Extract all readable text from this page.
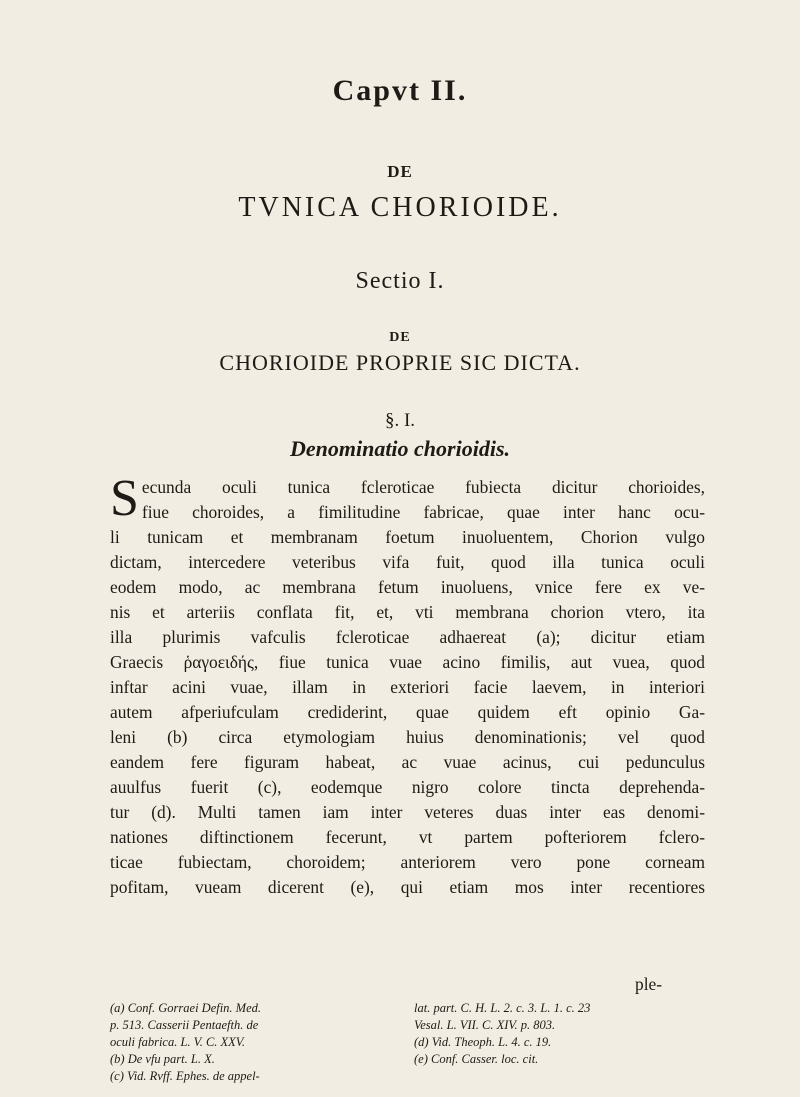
Capvt II.
DE
TVNICA CHORIOIDE.
Sectio I.
DE
CHORIOIDE PROPRIE SIC DICTA.
§. I.
Denominatio chorioidis.
S ecunda oculi tunica fcleroticae fubiecta dicitur chorioides,
fiue choroides, a fimilitudine fabricae, quae inter hanc ocu-
li tunicam et membranam foetum inuoluentem, Chorion vulgo
dictam, intercedere veteribus vifa fuit, quod illa tunica oculi
eodem modo, ac membrana fetum inuoluens, vnice fere ex ve-
nis et arteriis conflata fit, et, vti membrana chorion vtero, ita
illa plurimis vafculis fcleroticae adhaereat (a); dicitur etiam
Graecis ῥαγοειδής, fiue tunica vuae acino fimilis, aut vuea, quod
inftar acini vuae, illam in exteriori facie laevem, in interiori
autem afperiufculam crediderint, quae quidem eft opinio Ga-
leni (b) circa etymologiam huius denominationis; vel quod
eandem fere figuram habeat, ac vuae acinus, cui pedunculus
auulfus fuerit (c), eodemque nigro colore tincta deprehenda-
tur (d). Multi tamen iam inter veteres duas inter eas denomi-
nationes diftinctionem fecerunt, vt partem pofteriorem fclero-
ticae fubiectam, choroidem; anteriorem vero pone corneam
pofitam, vueam dicerent (e), qui etiam mos inter recentiores
ple-
(a) Conf. Gorraei Defin. Med.
p. 513. Casserii Pentaefth. de
oculi fabrica. L. V. C. XXV.
(b) De vfu part. L. X.
(c) Vid. Rvff. Ephes. de appel-
lat. part. C. H. L. 2. c. 3. L. 1. c. 23
Vesal. L. VII. C. XIV. p. 803.
(d) Vid. Theoph. L. 4. c. 19.
(e) Conf. Casser. loc. cit.
